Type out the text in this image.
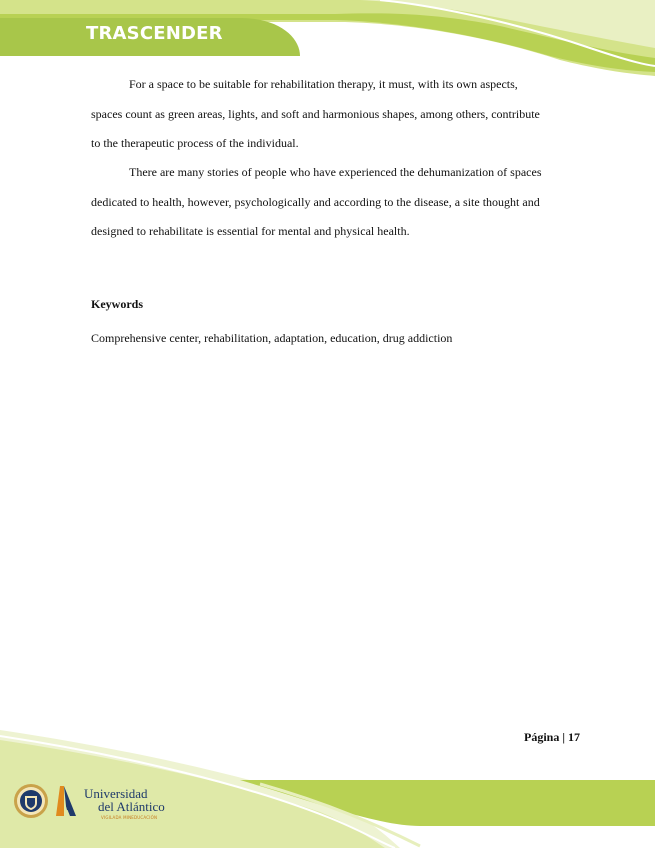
TRASCENDER

For a space to be suitable for rehabilitation therapy, it must, with its own aspects,

spaces count as green areas, lights, and soft and harmonious shapes, among others, contribute

to the therapeutic process of the individual.

There are many stories of people who have experienced the dehumanization of spaces

dedicated to health, however, psychologically and according to the disease, a site thought and

designed to rehabilitate is essential for mental and physical health.

Keywords
Comprehensive center, rehabilitation, adaptation, education, drug addiction
Página | 17
Universidad
del Atlántico
VIGILADA MINEDUCACIÓN
